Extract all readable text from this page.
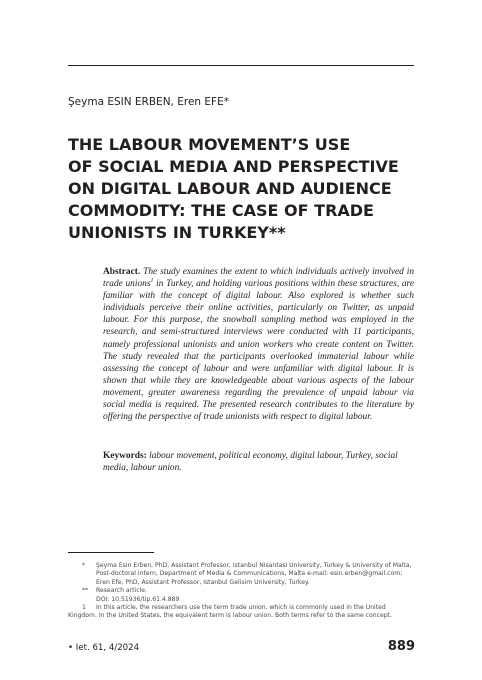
Şeyma ESIN ERBEN, Eren EFE*
THE LABOUR MOVEMENT’S USE
OF SOCIAL MEDIA AND PERSPECTIVE
ON DIGITAL LABOUR AND AUDIENCE
COMMODITY: THE CASE OF TRADE
UNIONISTS IN TURKEY**
Abstract. The study examines the extent to which individuals actively involved in trade unions$^1$ in Turkey, and holding various positions within these structures, are familiar with the concept of digital labour. Also explored is whether such individuals perceive their online activities, particularly on Twitter, as unpaid labour. For this purpose, the snowball sampling method was employed in the research, and semi-structured interviews were conducted with 11 participants, namely professional unionists and union workers who create content on Twitter. The study revealed that the participants overlooked immaterial labour while assessing the concept of labour and were unfamiliar with digital labour. It is shown that while they are knowledgeable about various aspects of the labour movement, greater awareness regarding the prevalence of unpaid labour via social media is required. The presented research contributes to the literature by offering the perspective of trade unionists with respect to digital labour.
Keywords: labour movement, political economy, digital labour, Turkey, social media, labour union.
* Şeyma Esin Erben, PhD, Assistant Professor, Istanbul Nisantasi University, Turkey & University of Malta, Post-doctoral intern, Department of Media & Communications, Malta e-mail: esin.erben@gmail.com; Eren Efe, PhD, Assistant Professor, Istanbul Gelisim University, Turkey.
** Research article.
DOI: 10.51936/tip.61.4.889
1 In this article, the researchers use the term trade union, which is commonly used in the United Kingdom. In the United States, the equivalent term is labour union. Both terms refer to the same concept.
• Iet. 61, 4/2024	889
